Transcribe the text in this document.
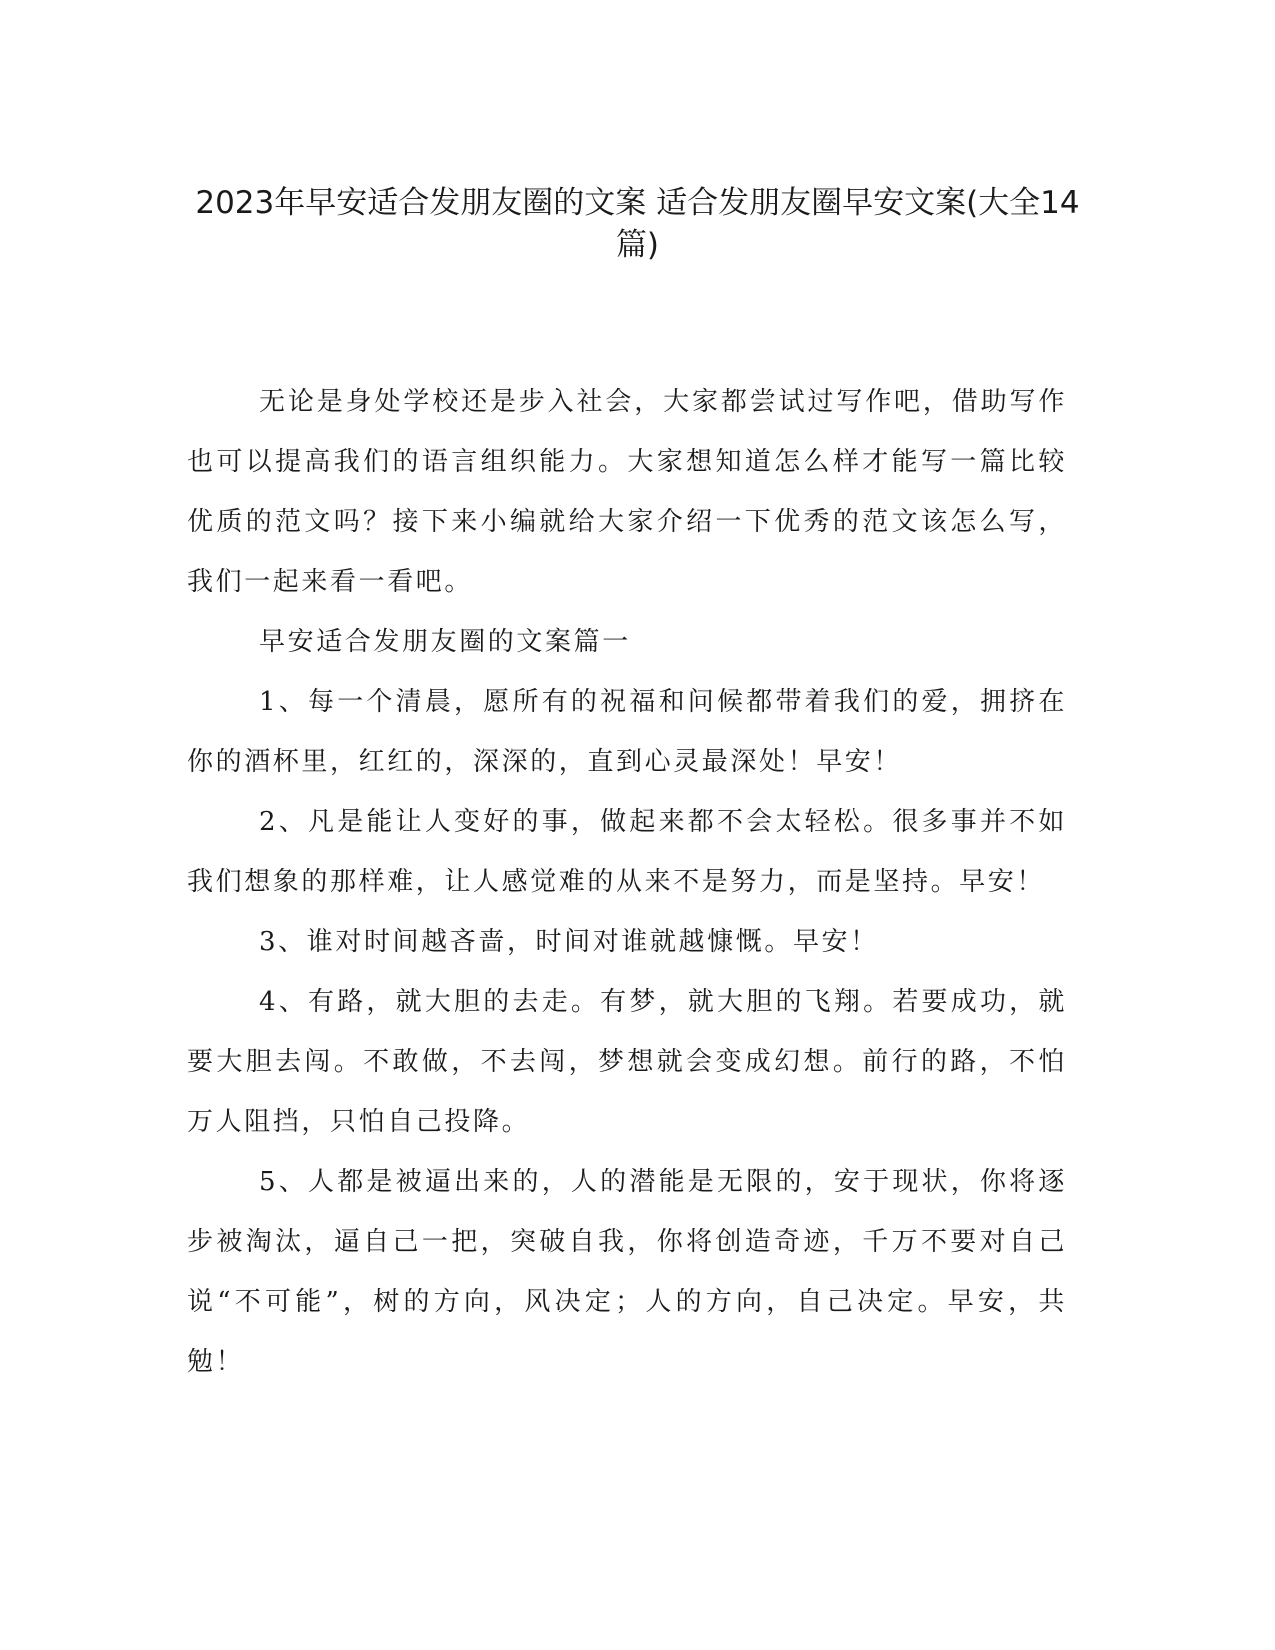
2023年早安适合发朋友圈的文案 适合发朋友圈早安文案(大全14篇)

无论是身处学校还是步入社会，大家都尝试过写作吧，借助写作也可以提高我们的语言组织能力。大家想知道怎么样才能写一篇比较优质的范文吗？接下来小编就给大家介绍一下优秀的范文该怎么写，我们一起来看一看吧。

早安适合发朋友圈的文案篇一

1、每一个清晨，愿所有的祝福和问候都带着我们的爱，拥挤在你的酒杯里，红红的，深深的，直到心灵最深处！早安！

2、凡是能让人变好的事，做起来都不会太轻松。很多事并不如我们想象的那样难，让人感觉难的从来不是努力，而是坚持。早安！

3、谁对时间越吝啬，时间对谁就越慷慨。早安！

4、有路，就大胆的去走。有梦，就大胆的飞翔。若要成功，就要大胆去闯。不敢做，不去闯，梦想就会变成幻想。前行的路，不怕万人阻挡，只怕自己投降。

5、人都是被逼出来的，人的潜能是无限的，安于现状，你将逐步被淘汰，逼自己一把，突破自我，你将创造奇迹，千万不要对自己说“不可能”，树的方向，风决定；人的方向，自己决定。早安，共勉！
